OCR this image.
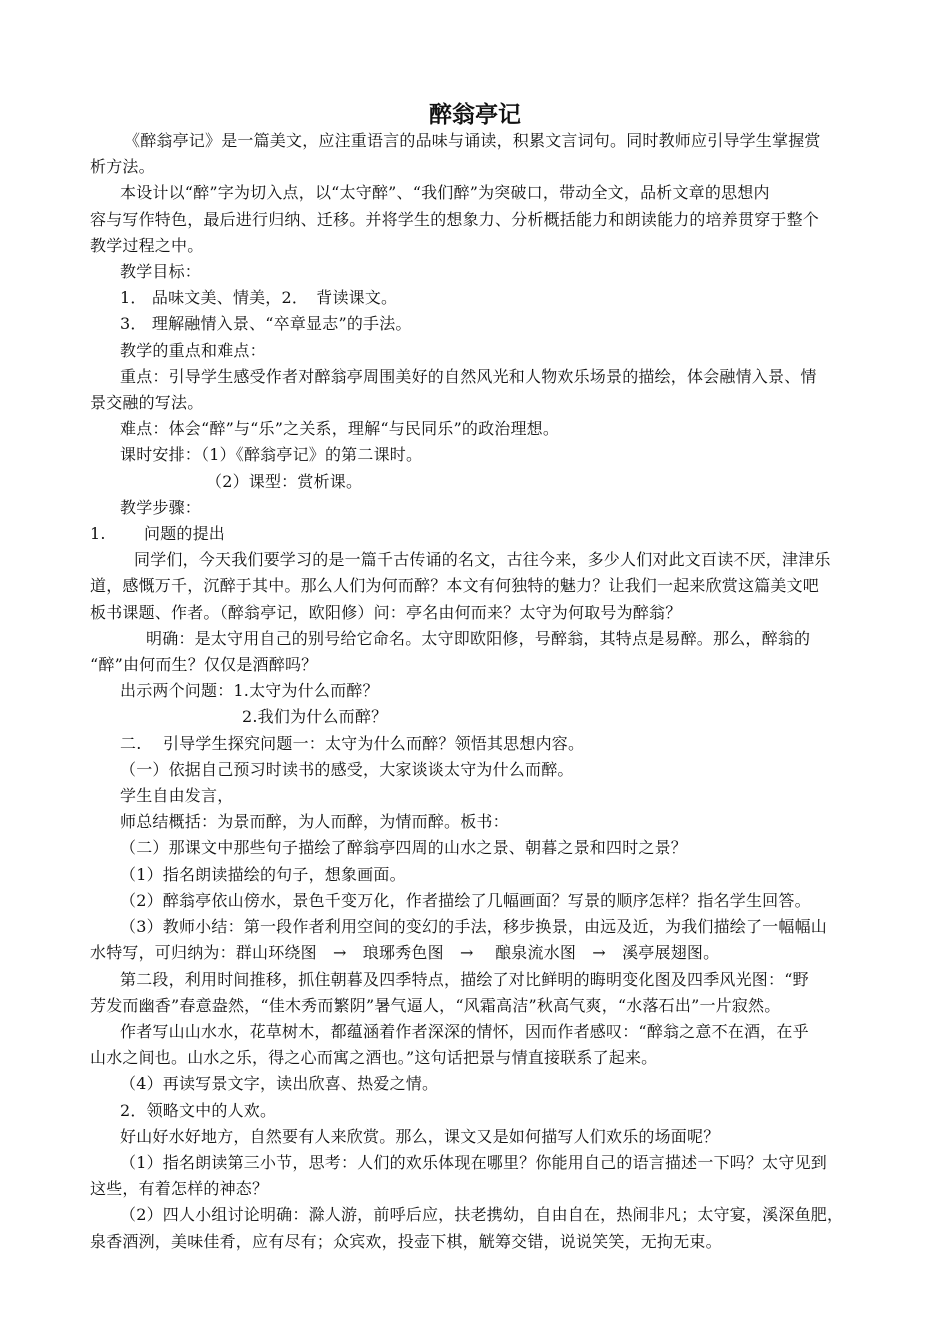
醉翁亭记

《醉翁亭记》是一篇美文，应注重语言的品味与诵读，积累文言词句。同时教师应引导学生掌握赏

析方法。

本设计以“醉”字为切入点，以“太守醉”、“我们醉”为突破口，带动全文，品析文章的思想内

容与写作特色，最后进行归纳、迁移。并将学生的想象力、分析概括能力和朗读能力的培养贯穿于整个

教学过程之中。

教学目标：

1． 品味文美、情美，2．　背读课文。

3． 理解融情入景、“卒章显志”的手法。

教学的重点和难点：

重点：引导学生感受作者对醉翁亭周围美好的自然风光和人物欢乐场景的描绘，体会融情入景、情

景交融的写法。

难点：体会“醉”与“乐”之关系，理解“与民同乐”的政治理想。

课时安排：（1）《醉翁亭记》的第二课时。

（2）课型：赏析课。

教学步骤：

1. 问题的提出

同学们，今天我们要学习的是一篇千古传诵的名文，古往今来，多少人们对此文百读不厌，津津乐

道，感慨万千，沉醉于其中。那么人们为何而醉？本文有何独特的魅力？让我们一起来欣赏这篇美文吧

板书课题、作者。（醉翁亭记，欧阳修）问：亭名由何而来？太守为何取号为醉翁？

明确：是太守用自己的别号给它命名。太守即欧阳修，号醉翁，其特点是易醉。那么，醉翁的

“醉”由何而生？仅仅是酒醉吗？

出示两个问题：1.太守为什么而醉？

2.我们为什么而醉？

二.　 引导学生探究问题一：太守为什么而醉？领悟其思想内容。

（一）依据自己预习时读书的感受，大家谈谈太守为什么而醉。

学生自由发言，

师总结概括：为景而醉，为人而醉，为情而醉。板书：

（二）那课文中那些句子描绘了醉翁亭四周的山水之景、朝暮之景和四时之景？

（1）指名朗读描绘的句子，想象画面。

（2）醉翁亭依山傍水，景色千变万化，作者描绘了几幅画面？写景的顺序怎样？指名学生回答。

（3）教师小结：第一段作者利用空间的变幻的手法，移步换景，由远及近，为我们描绘了一幅幅山

水特写，可归纳为：群山环绕图　→　琅琊秀色图　→　 酿泉流水图　→　溪亭展翅图。

第二段，利用时间推移，抓住朝暮及四季特点，描绘了对比鲜明的晦明变化图及四季风光图：“野

芳发而幽香”春意盎然，“佳木秀而繁阴”暑气逼人，“风霜高洁”秋高气爽，“水落石出”一片寂然。

作者写山山水水，花草树木，都蕴涵着作者深深的情怀，因而作者感叹：“醉翁之意不在酒，在乎

山水之间也。山水之乐，得之心而寓之酒也。”这句话把景与情直接联系了起来。

（4）再读写景文字，读出欣喜、热爱之情。

2．领略文中的人欢。

好山好水好地方，自然要有人来欣赏。那么，课文又是如何描写人们欢乐的场面呢？

（1）指名朗读第三小节，思考：人们的欢乐体现在哪里？你能用自己的语言描述一下吗？太守见到

这些，有着怎样的神态？

（2）四人小组讨论明确：滁人游，前呼后应，扶老携幼，自由自在，热闹非凡；太守宴，溪深鱼肥，

泉香酒洌，美味佳肴，应有尽有；众宾欢，投壶下棋，觥筹交错，说说笑笑，无拘无束。
